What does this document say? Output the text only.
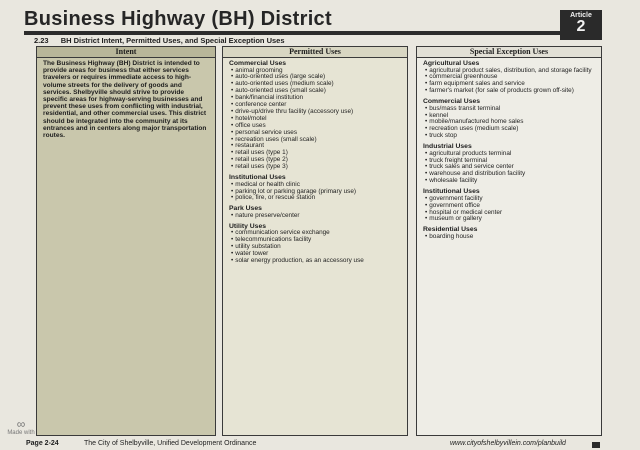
Business Highway (BH) District	Article
2
2.23 BH District Intent, Permitted Uses, and Special Exception Uses
Intent
The Business Highway (BH) District is intended to provide areas for business that either services travelers or requires immediate access to high-volume streets for the delivery of goods and services. Shelbyville should strive to provide specific areas for highway-serving businesses and prevent these uses from conflicting with industrial, residential, and other commercial uses. This district should be integrated into the community at its entrances and in centers along major transportation routes.
Permitted Uses
Commercial Uses
• animal grooming
• auto-oriented uses (large scale)
• auto-oriented uses (medium scale)
• auto-oriented uses (small scale)
• bank/financial institution
• conference center
• drive-up/drive thru facility (accessory use)
• hotel/motel
• office uses
• personal service uses
• recreation uses (small scale)
• restaurant
• retail uses (type 1)
• retail uses (type 2)
• retail uses (type 3)
Institutional Uses
• medical or health clinic
• parking lot or parking garage (primary use)
• police, fire, or rescue station
Park Uses
• nature preserve/center
Utility Uses
• communication service exchange
• telecommunications facility
• utility substation
• water tower
• solar energy production, as an accessory use
Special Exception Uses
Agricultural Uses
• agricultural product sales, distribution, and storage facility
• commercial greenhouse
• farm equipment sales and service
• farmer's market (for sale of products grown off-site)
Commercial Uses
• bus/mass transit terminal
• kennel
• mobile/manufactured home sales
• recreation uses (medium scale)
• truck stop
Industrial Uses
• agricultural products terminal
• truck freight terminal
• truck sales and service center
• warehouse and distribution facility
• wholesale facility
Institutional Uses
• government facility
• government office
• hospital or medical center
• museum or gallery
Residential Uses
• boarding house
∞
Made with
Page 2-24	The City of Shelbyville, Unified Development Ordinance	www.cityofshelbyvillein.com/planbuild
